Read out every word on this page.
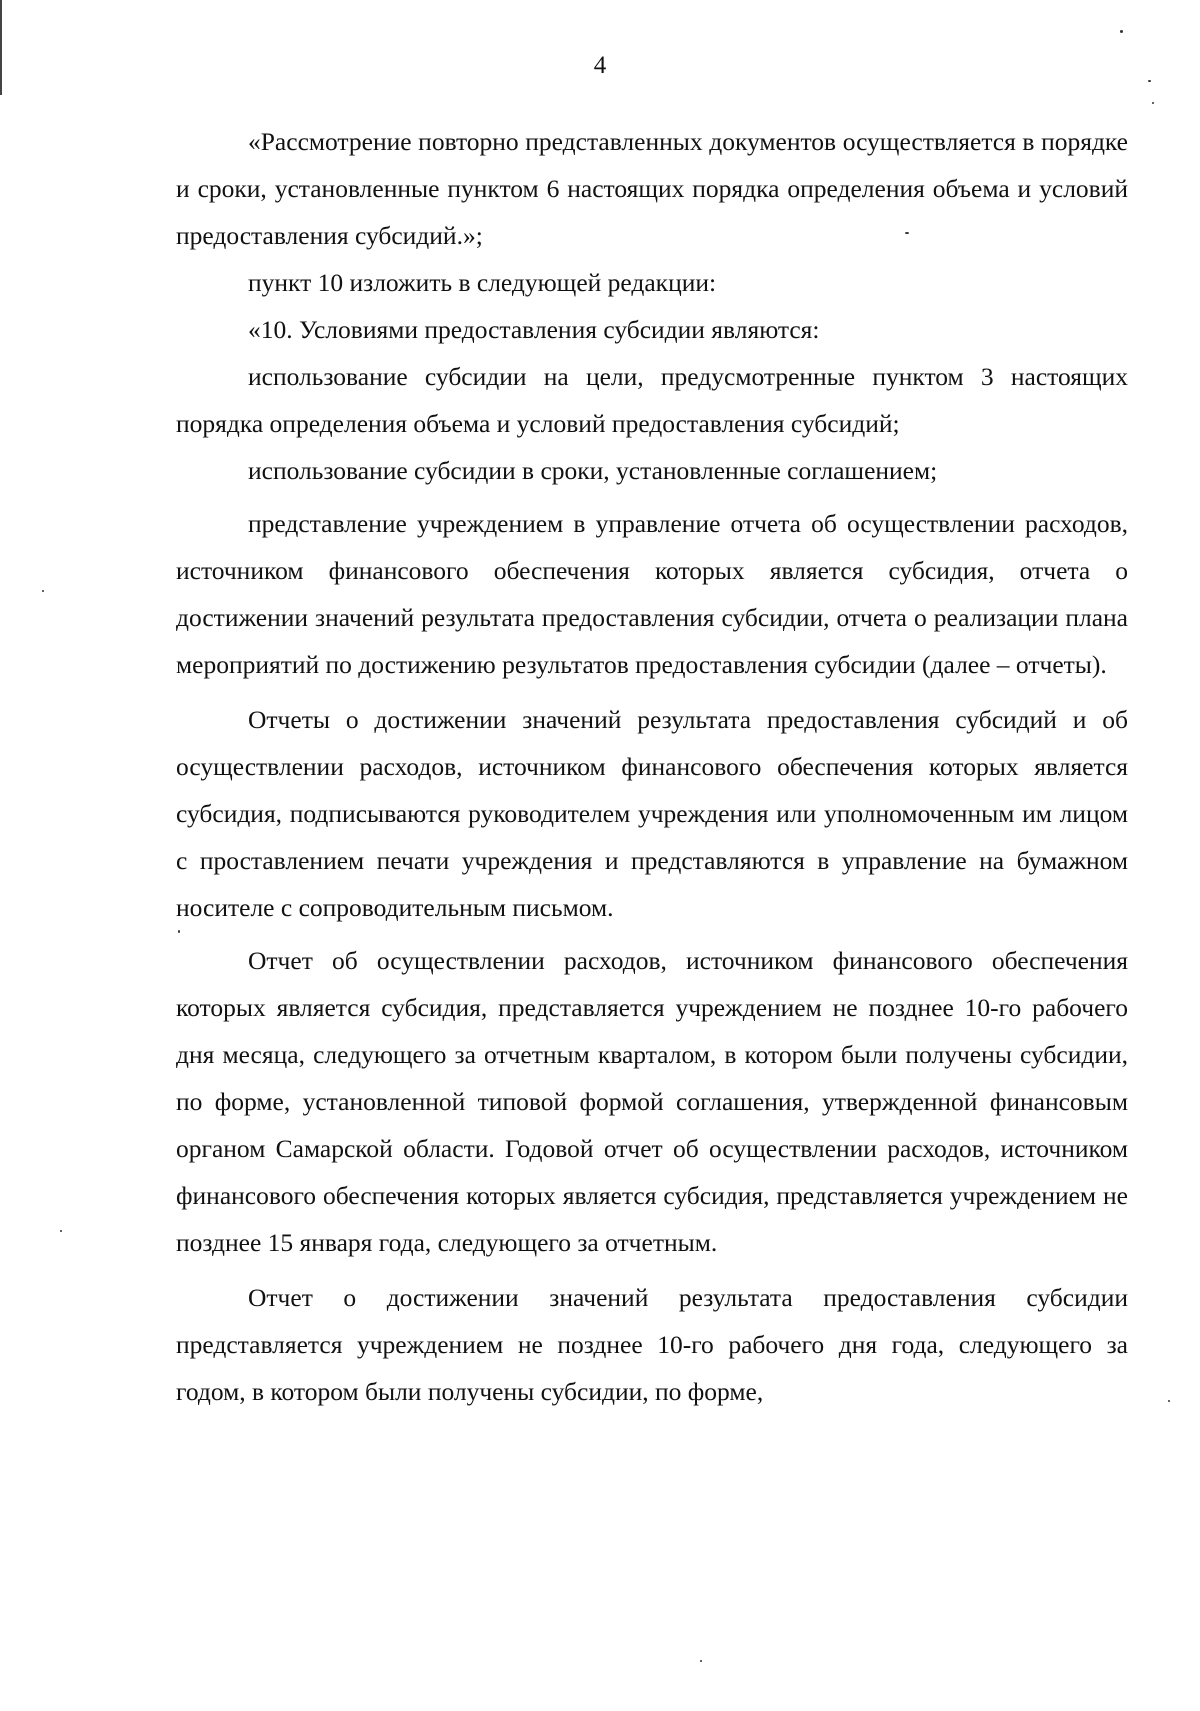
4

«Рассмотрение повторно представленных документов осуществляется в порядке и сроки, установленные пунктом 6 настоящих порядка определения объема и условий предоставления субсидий.»;

пункт 10 изложить в следующей редакции:

«10. Условиями предоставления субсидии являются:

использование субсидии на цели, предусмотренные пунктом 3 настоящих порядка определения объема и условий предоставления субсидий;

использование субсидии в сроки, установленные соглашением;

представление учреждением в управление отчета об осуществлении расходов, источником финансового обеспечения которых является субсидия, отчета о достижении значений результата предоставления субсидии, отчета о реализации плана мероприятий по достижению результатов предоставления субсидии (далее – отчеты).

Отчеты о достижении значений результата предоставления субсидий и об осуществлении расходов, источником финансового обеспечения которых является субсидия, подписываются руководителем учреждения или уполномоченным им лицом с проставлением печати учреждения и представляются в управление на бумажном носителе с сопроводительным письмом.

Отчет об осуществлении расходов, источником финансового обеспечения которых является субсидия, представляется учреждением не позднее 10-го рабочего дня месяца, следующего за отчетным кварталом, в котором были получены субсидии, по форме, установленной типовой формой соглашения, утвержденной финансовым органом Самарской области. Годовой отчет об осуществлении расходов, источником финансового обеспечения которых является субсидия, представляется учреждением не позднее 15 января года, следующего за отчетным.

Отчет о достижении значений результата предоставления субсидии представляется учреждением не позднее 10-го рабочего дня года, следующего за годом, в котором были получены субсидии, по форме,
